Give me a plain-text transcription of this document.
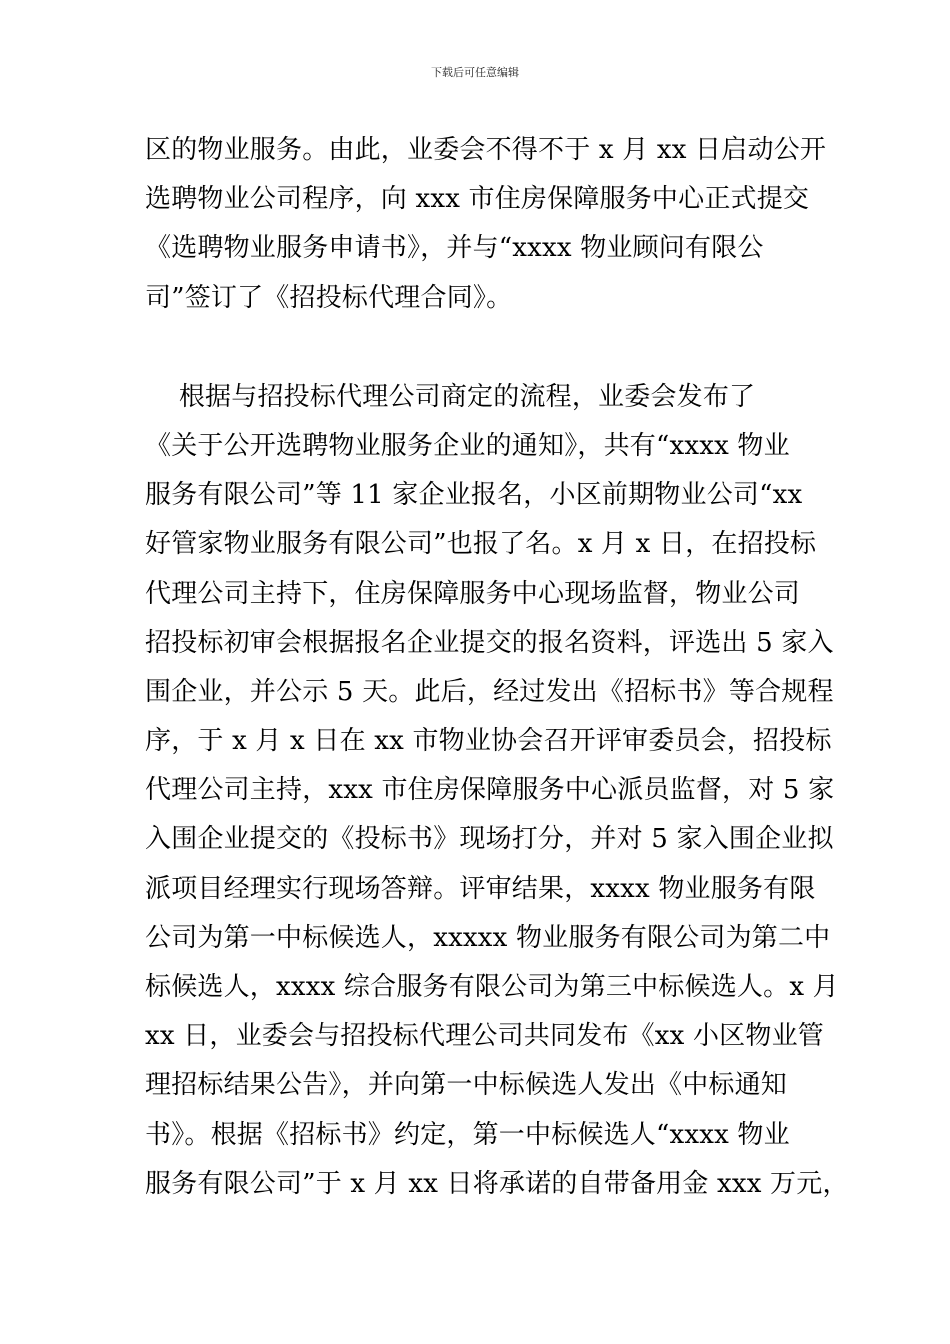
下载后可任意编辑
区的物业服务。由此，业委会不得不于 x 月 xx 日启动公开
选聘物业公司程序，向 xxx 市住房保障服务中心正式提交
《选聘物业服务申请书》，并与“xxxx 物业顾问有限公
司”签订了《招投标代理合同》。
根据与招投标代理公司商定的流程，业委会发布了
《关于公开选聘物业服务企业的通知》，共有“xxxx 物业
服务有限公司”等 11 家企业报名，小区前期物业公司“xx
好管家物业服务有限公司”也报了名。x 月 x 日，在招投标
代理公司主持下，住房保障服务中心现场监督，物业公司
招投标初审会根据报名企业提交的报名资料，评选出 5 家入
围企业，并公示 5 天。此后，经过发出《招标书》等合规程
序，于 x 月 x 日在 xx 市物业协会召开评审委员会，招投标
代理公司主持，xxx 市住房保障服务中心派员监督，对 5 家
入围企业提交的《投标书》现场打分，并对 5 家入围企业拟
派项目经理实行现场答辩。评审结果，xxxx 物业服务有限
公司为第一中标候选人，xxxxx 物业服务有限公司为第二中
标候选人，xxxx 综合服务有限公司为第三中标候选人。x 月
xx 日，业委会与招投标代理公司共同发布《xx 小区物业管
理招标结果公告》，并向第一中标候选人发出《中标通知
书》。根据《招标书》约定，第一中标候选人“xxxx 物业
服务有限公司”于 x 月 xx 日将承诺的自带备用金 xxx 万元，
